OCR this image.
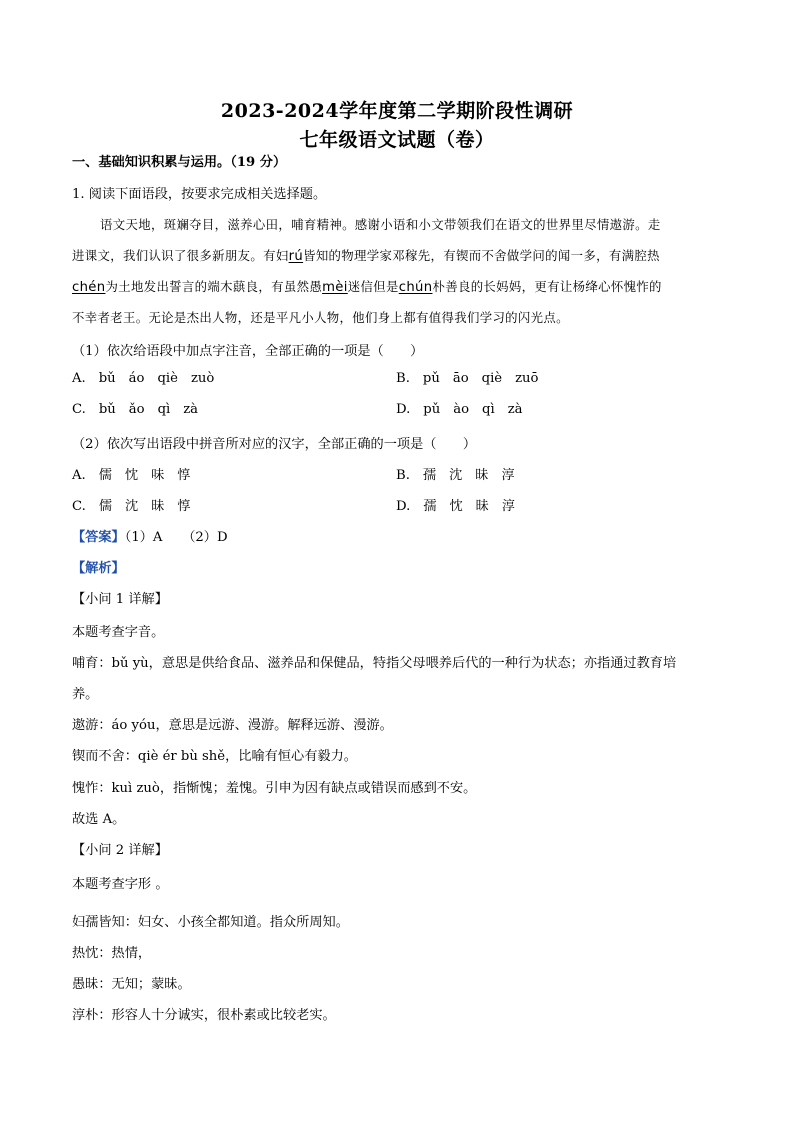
2023-2024学年度第二学期阶段性调研
七年级语文试题（卷）
一、基础知识积累与运用。（19 分）
1. 阅读下面语段，按要求完成相关选择题。
语文天地，斑斓夺目，滋养心田，哺育精神。感谢小语和小文带领我们在语文的世界里尽情遨游。走
进课文，我们认识了很多新朋友。有妇rú皆知的物理学家邓稼先，有锲而不舍做学问的闻一多，有满腔热
chén为土地发出誓言的端木蕻良，有虽然愚mèi迷信但是chún朴善良的长妈妈，更有让杨绛心怀愧怍的
不幸者老王。无论是杰出人物，还是平凡小人物，他们身上都有值得我们学习的闪光点。
（1）依次给语段中加点字注音，全部正确的一项是（　　）
A.bǔ áo qiè zuò	B.pǔ āo qiè zuō
C.bǔ ǎo qì zà	D.pǔ ào qì zà
（2）依次写出语段中拼音所对应的汉字，全部正确的一项是（　　）
A.儒 忱 味 惇	B.孺 沈 昧 淳
C.儒 沈 昧 惇	D.孺 忱 昧 淳
【答案】（1）A　　（2）D
【解析】
【小问 1 详解】
本题考查字音。
哺育：bǔ yù，意思是供给食品、滋养品和保健品，特指父母喂养后代的一种行为状态；亦指通过教育培
养。
遨游：áo yóu，意思是远游、漫游。解释远游、漫游。
锲而不舍：qiè ér bù shě，比喻有恒心有毅力。
愧怍：kuì zuò，指惭愧；羞愧。引申为因有缺点或错误而感到不安。
故选 A。
【小问 2 详解】
本题考查字形 。
妇孺皆知：妇女、小孩全都知道。指众所周知。
热忱：热情，
愚昧：无知；蒙昧。
淳朴：形容人十分诚实，很朴素或比较老实。
